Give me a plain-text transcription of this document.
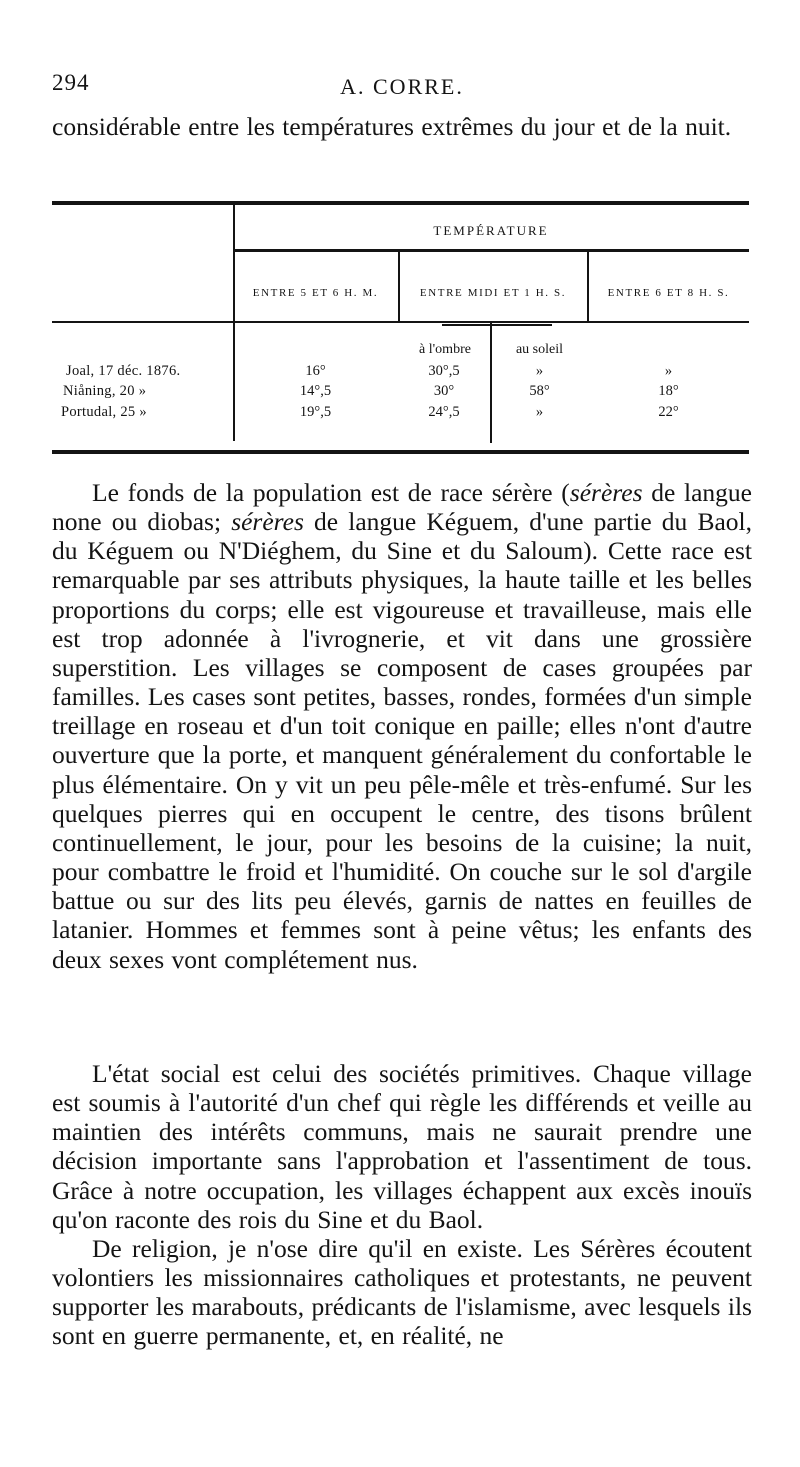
294	A. CORRE.
considérable entre les températures extrêmes du jour et de la nuit.
TEMPÉRATURE
ENTRE 5 ET 6 H. M.	ENTRE MIDI ET 1 H. S.	ENTRE 6 ET 8 H. S.
à l'ombre	au soleil
Joal, 17 déc. 1876.	16°	30°,5	»	»
Niåning, 20 »	14°,5	30°	58°	18°
Portudal, 25 »	19°,5	24°,5	»	22°
Le fonds de la population est de race sérère (sérères de langue none ou diobas; sérères de langue Kéguem, d'une partie du Baol, du Kéguem ou N'Diéghem, du Sine et du Saloum). Cette race est remarquable par ses attributs physiques, la haute taille et les belles proportions du corps; elle est vigoureuse et travailleuse, mais elle est trop adonnée à l'ivrognerie, et vit dans une grossière superstition. Les villages se composent de cases groupées par familles. Les cases sont petites, basses, rondes, formées d'un simple treillage en roseau et d'un toit conique en paille; elles n'ont d'autre ouverture que la porte, et manquent généralement du confortable le plus élémentaire. On y vit un peu pêle-mêle et très-enfumé. Sur les quelques pierres qui en occupent le centre, des tisons brûlent continuellement, le jour, pour les besoins de la cuisine; la nuit, pour combattre le froid et l'humidité. On couche sur le sol d'argile battue ou sur des lits peu élevés, garnis de nattes en feuilles de latanier. Hommes et femmes sont à peine vêtus; les enfants des deux sexes vont complétement nus.
L'état social est celui des sociétés primitives. Chaque village est soumis à l'autorité d'un chef qui règle les différends et veille au maintien des intérêts communs, mais ne saurait prendre une décision importante sans l'approbation et l'assentiment de tous. Grâce à notre occupation, les villages échappent aux excès inouïs qu'on raconte des rois du Sine et du Baol.
De religion, je n'ose dire qu'il en existe. Les Sérères écoutent volontiers les missionnaires catholiques et protestants, ne peuvent supporter les marabouts, prédicants de l'islamisme, avec lesquels ils sont en guerre permanente, et, en réalité, ne
